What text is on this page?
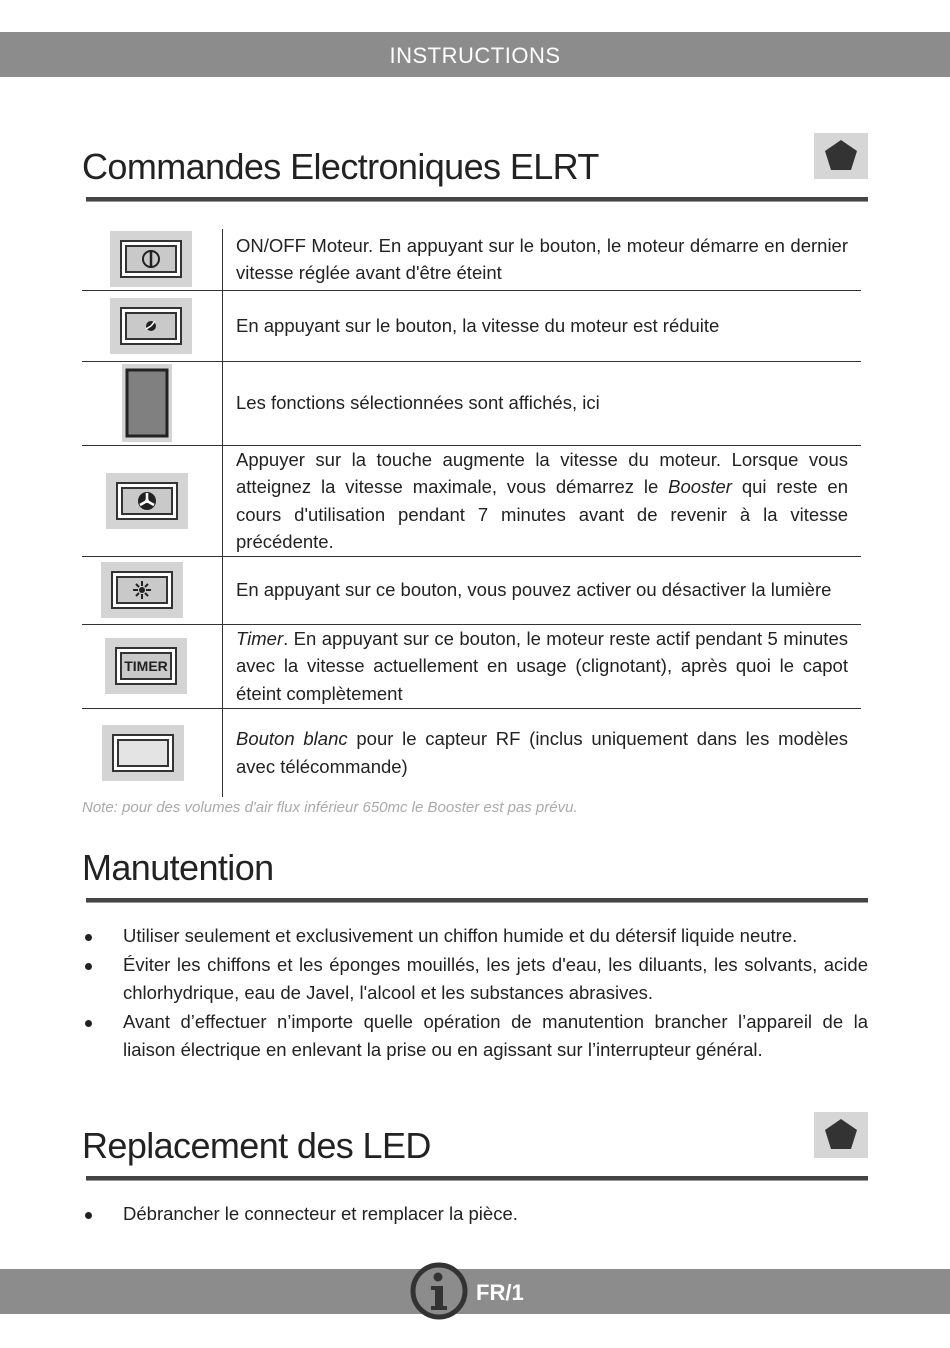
INSTRUCTIONS
Commandes Electroniques ELRT
	ON/OFF Moteur. En appuyant sur le bouton, le moteur démarre en dernier vitesse réglée avant d'être éteint

	En appuyant sur le bouton, la vitesse du moteur est réduite

	Les fonctions sélectionnées sont affichés, ici

	Appuyer sur la touche augmente la vitesse du moteur. Lorsque vous atteignez la vitesse maximale, vous démarrez le Booster qui reste en cours d'utilisation pendant 7 minutes avant de revenir à la vitesse précédente.

	En appuyant sur ce bouton, vous pouvez activer ou désactiver la lumière

TIMER	Timer. En appuyant sur ce bouton, le moteur reste actif pendant 5 minutes avec la vitesse actuellement en usage (clignotant), après quoi le capot éteint complètement

	Bouton blanc pour le capteur RF (inclus uniquement dans les modèles avec télécommande)
Note: pour des volumes d'air flux inférieur 650mc le Booster est pas prévu.
Manutention
Utiliser seulement et exclusivement un chiffon humide et du détersif liquide neutre.
Éviter les chiffons et les éponges mouillés, les jets d'eau, les diluants, les solvants, acide chlorhydrique, eau de Javel, l'alcool et les substances abrasives.
Avant d’effectuer n’importe quelle opération de manutention brancher l’appareil de la liaison électrique en enlevant la prise ou en agissant sur l’interrupteur général.
Replacement des LED
Débrancher le connecteur et remplacer la pièce.
FR/1
